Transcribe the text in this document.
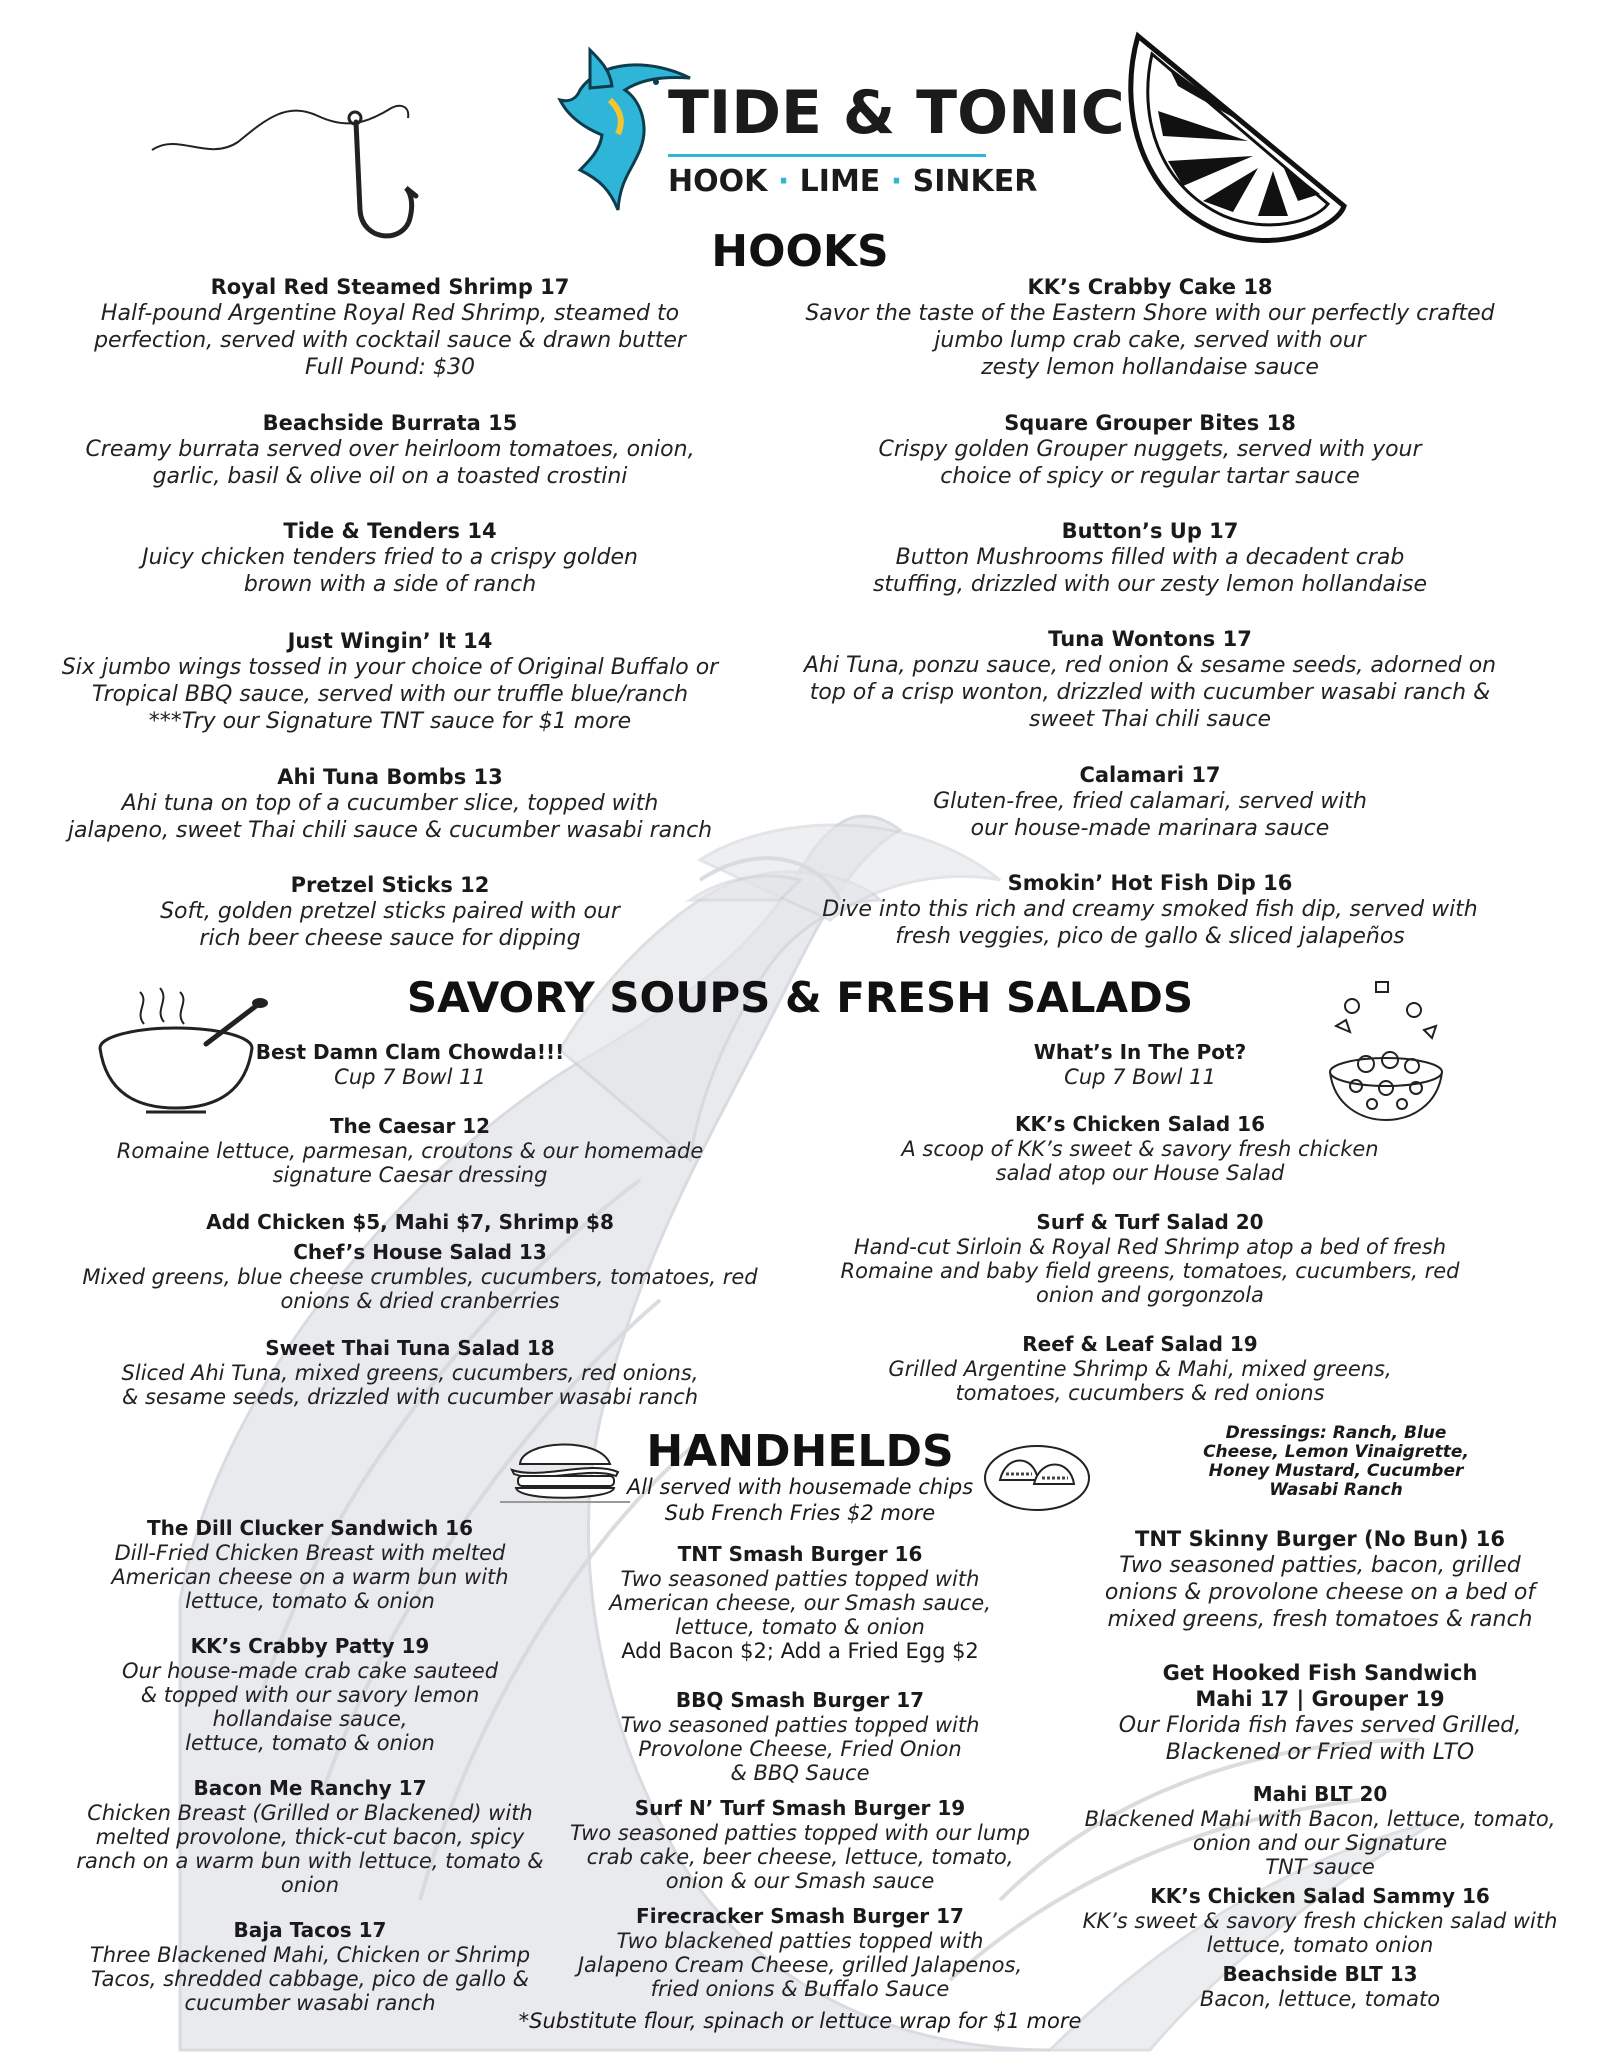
TIDE & TONIC
HOOK · LIME · SINKER
HOOKS
SAVORY SOUPS & FRESH SALADS
HANDHELDS
Royal Red Steamed Shrimp 17
Half-pound Argentine Royal Red Shrimp, steamed to
perfection, served with cocktail sauce & drawn butter
Full Pound: $30
Beachside Burrata 15
Creamy burrata served over heirloom tomatoes, onion,
garlic, basil & olive oil on a toasted crostini
Tide & Tenders 14
Juicy chicken tenders fried to a crispy golden
brown with a side of ranch
Just Wingin’ It 14
Six jumbo wings tossed in your choice of Original Buffalo or
Tropical BBQ sauce, served with our truffle blue/ranch
***Try our Signature TNT sauce for $1 more
Ahi Tuna Bombs 13
Ahi tuna on top of a cucumber slice, topped with
jalapeno, sweet Thai chili sauce & cucumber wasabi ranch
Pretzel Sticks 12
Soft, golden pretzel sticks paired with our
rich beer cheese sauce for dipping
KK’s Crabby Cake 18
Savor the taste of the Eastern Shore with our perfectly crafted
jumbo lump crab cake, served with our
zesty lemon hollandaise sauce
Square Grouper Bites 18
Crispy golden Grouper nuggets, served with your
choice of spicy or regular tartar sauce
Button’s Up 17
Button Mushrooms filled with a decadent crab
stuffing, drizzled with our zesty lemon hollandaise
Tuna Wontons 17
Ahi Tuna, ponzu sauce, red onion & sesame seeds, adorned on
top of a crisp wonton, drizzled with cucumber wasabi ranch &
sweet Thai chili sauce
Calamari 17
Gluten-free, fried calamari, served with
our house-made marinara sauce
Smokin’ Hot Fish Dip 16
Dive into this rich and creamy smoked fish dip, served with
fresh veggies, pico de gallo & sliced jalapeños
Best Damn Clam Chowda!!!
Cup 7 Bowl 11
The Caesar 12
Romaine lettuce, parmesan, croutons & our homemade
signature Caesar dressing
Add Chicken $5, Mahi $7, Shrimp $8
Chef’s House Salad 13
Mixed greens, blue cheese crumbles, cucumbers, tomatoes, red
onions & dried cranberries
Sweet Thai Tuna Salad 18
Sliced Ahi Tuna, mixed greens, cucumbers, red onions,
& sesame seeds, drizzled with cucumber wasabi ranch
What’s In The Pot?
Cup 7 Bowl 11
KK’s Chicken Salad 16
A scoop of KK’s sweet & savory fresh chicken
salad atop our House Salad
Surf & Turf Salad 20
Hand-cut Sirloin & Royal Red Shrimp atop a bed of fresh
Romaine and baby field greens, tomatoes, cucumbers, red
onion and gorgonzola
Reef & Leaf Salad 19
Grilled Argentine Shrimp & Mahi, mixed greens,
tomatoes, cucumbers & red onions
Dressings: Ranch, Blue
Cheese, Lemon Vinaigrette,
Honey Mustard, Cucumber
Wasabi Ranch
All served with housemade chips
Sub French Fries $2 more
The Dill Clucker Sandwich 16
Dill-Fried Chicken Breast with melted
American cheese on a warm bun with
lettuce, tomato & onion
KK’s Crabby Patty 19
Our house-made crab cake sauteed
& topped with our savory lemon
hollandaise sauce,
lettuce, tomato & onion
Bacon Me Ranchy 17
Chicken Breast (Grilled or Blackened) with
melted provolone, thick-cut bacon, spicy
ranch on a warm bun with lettuce, tomato &
onion
Baja Tacos 17
Three Blackened Mahi, Chicken or Shrimp
Tacos, shredded cabbage, pico de gallo &
cucumber wasabi ranch
TNT Smash Burger 16
Two seasoned patties topped with
American cheese, our Smash sauce,
lettuce, tomato & onion
Add Bacon $2; Add a Fried Egg $2
BBQ Smash Burger 17
Two seasoned patties topped with
Provolone Cheese, Fried Onion
& BBQ Sauce
Surf N’ Turf Smash Burger 19
Two seasoned patties topped with our lump
crab cake, beer cheese, lettuce, tomato,
onion & our Smash sauce
Firecracker Smash Burger 17
Two blackened patties topped with
Jalapeno Cream Cheese, grilled Jalapenos,
fried onions & Buffalo Sauce
TNT Skinny Burger (No Bun) 16
Two seasoned patties, bacon, grilled
onions & provolone cheese on a bed of
mixed greens, fresh tomatoes & ranch
Get Hooked Fish Sandwich
Mahi 17 | Grouper 19
Our Florida fish faves served Grilled,
Blackened or Fried with LTO
Mahi BLT 20
Blackened Mahi with Bacon, lettuce, tomato,
onion and our Signature
TNT sauce
KK’s Chicken Salad Sammy 16
KK’s sweet & savory fresh chicken salad with
lettuce, tomato onion
Beachside BLT 13
Bacon, lettuce, tomato
*Substitute flour, spinach or lettuce wrap for $1 more
